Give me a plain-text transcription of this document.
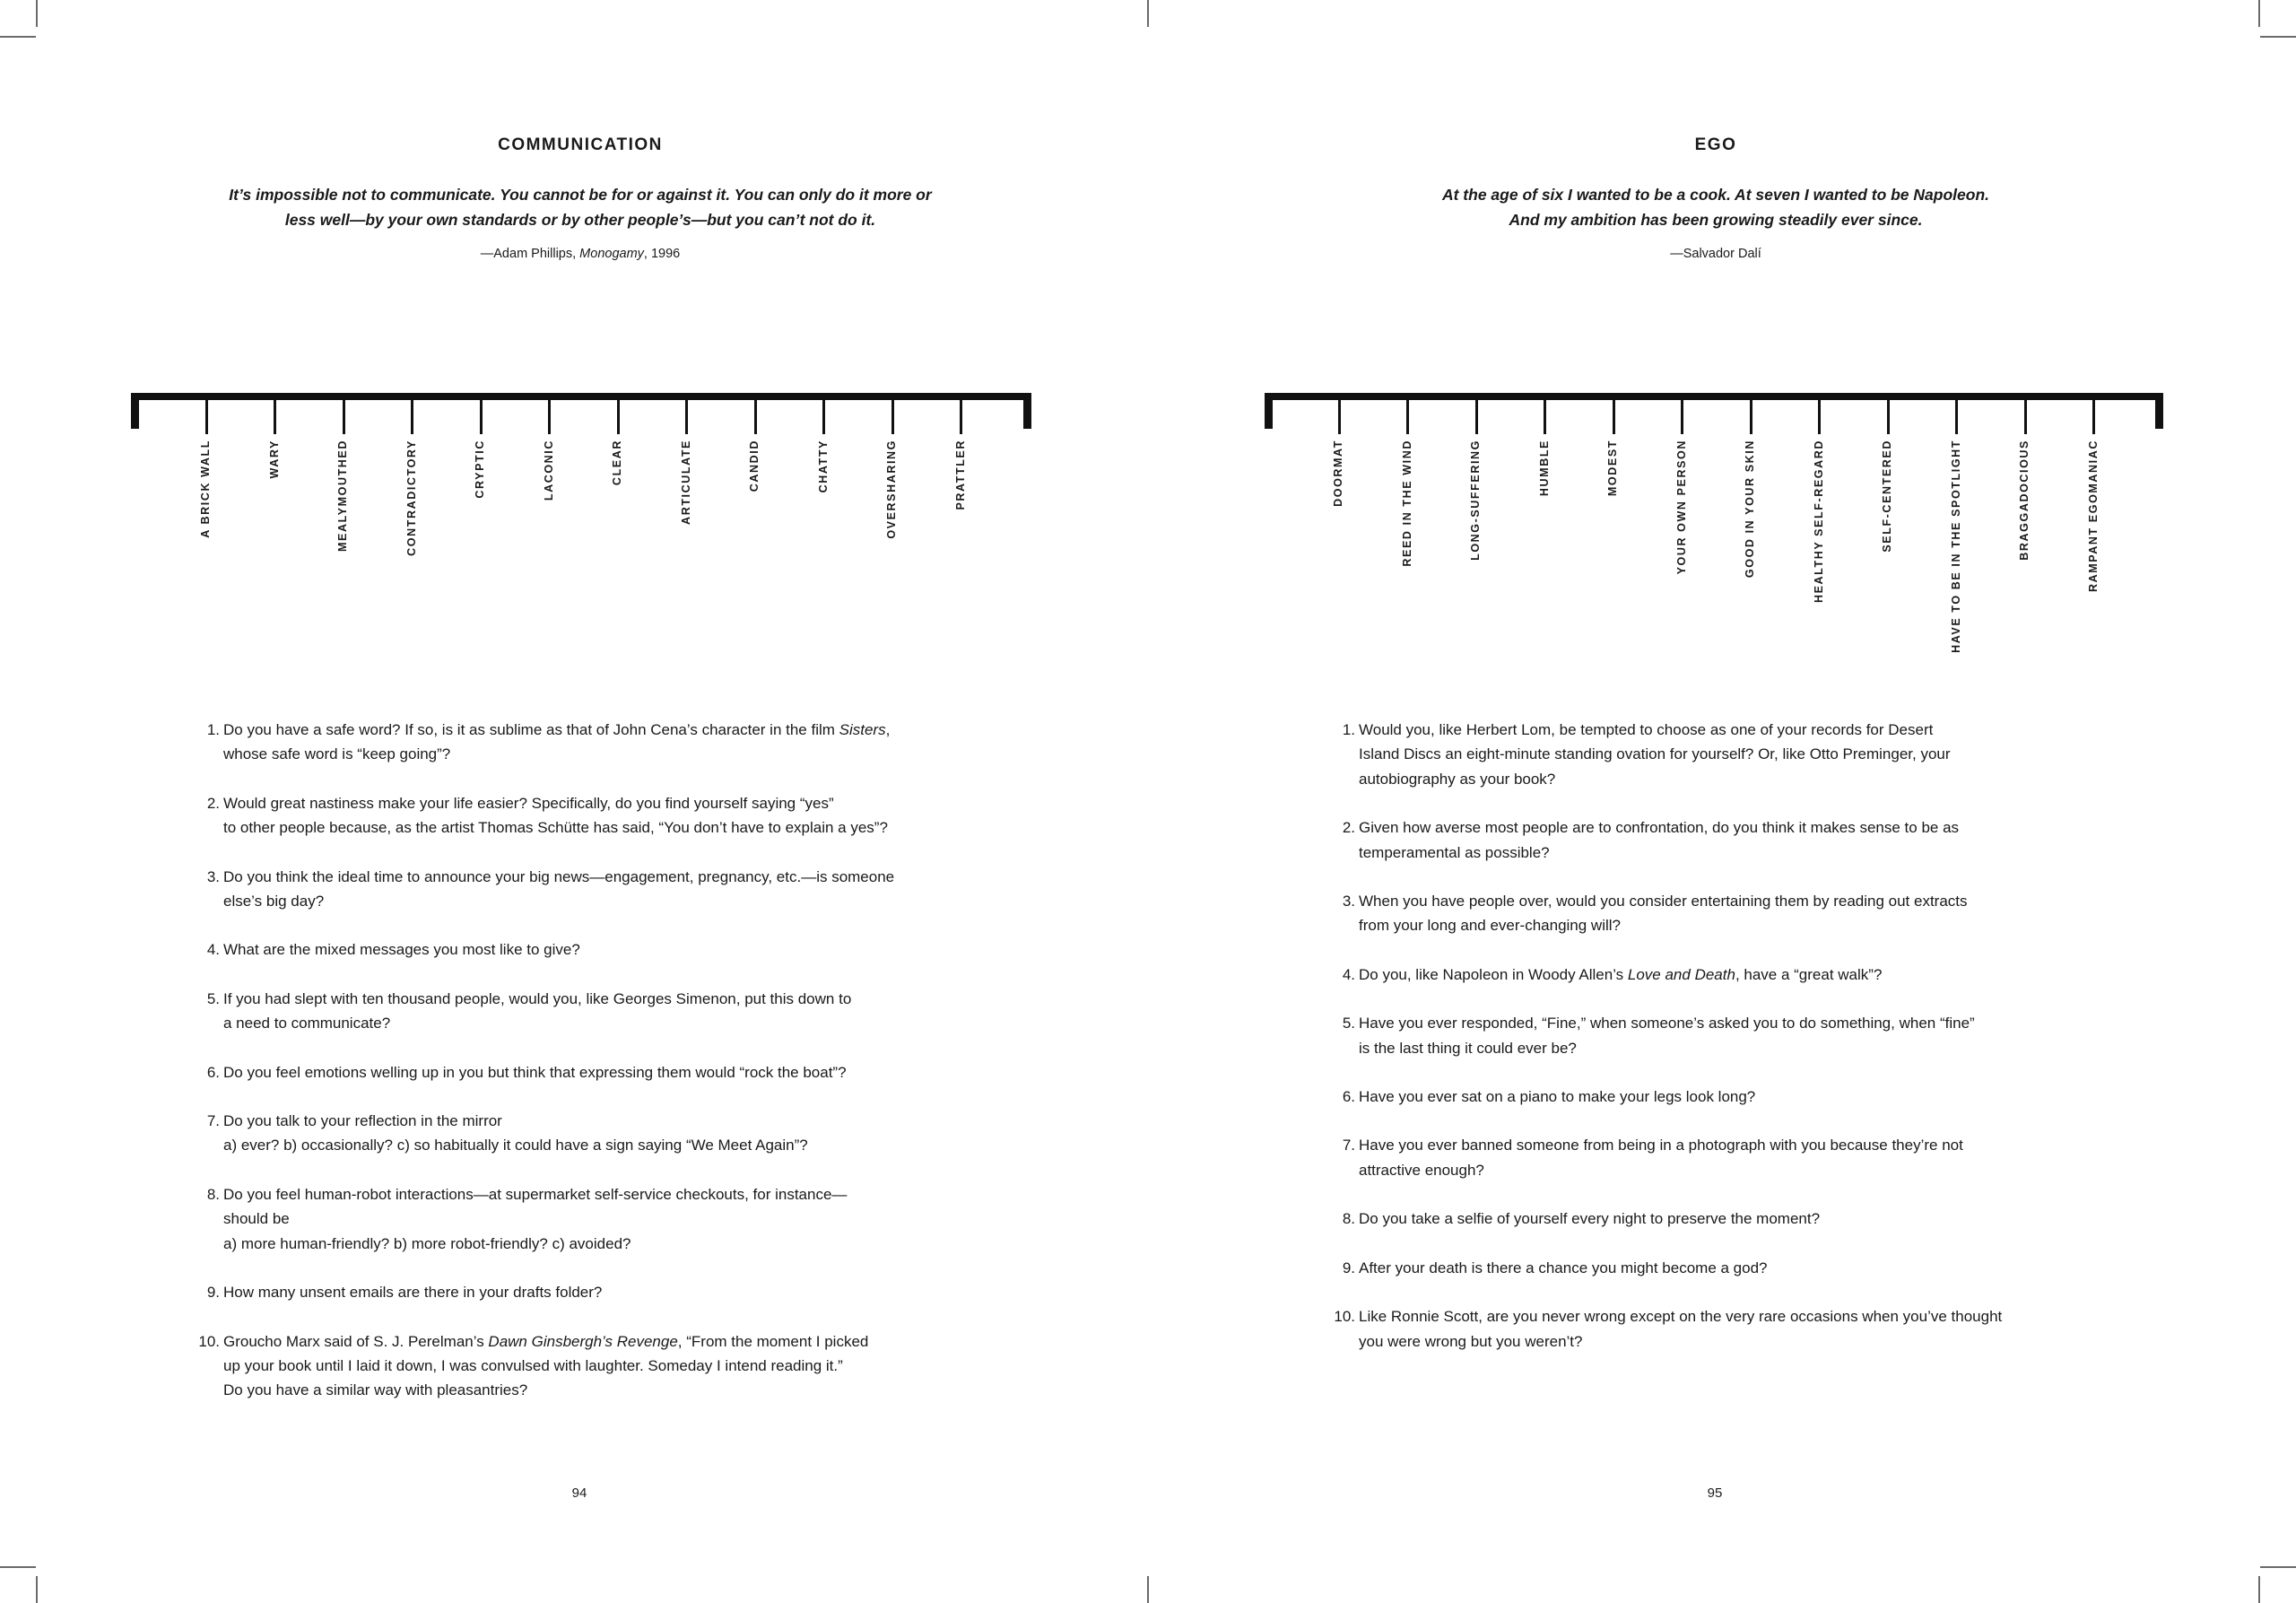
COMMUNICATION
It’s impossible not to communicate. You cannot be for or against it. You can only do it more or
less well—by your own standards or by other people’s—but you can’t not do it.
—Adam Phillips, Monogamy, 1996
A BRICK WALL	WARY	MEALYMOUTHED	CONTRADICTORY	CRYPTIC	LACONIC	CLEAR	ARTICULATE	CANDID	CHATTY	OVERSHARING	PRATTLER
1. Do you have a safe word? If so, is it as sublime as that of John Cena’s character in the film Sisters,
whose safe word is “keep going”?
2. Would great nastiness make your life easier? Specifically, do you find yourself saying “yes”
to other people because, as the artist Thomas Schütte has said, “You don’t have to explain a yes”?
3. Do you think the ideal time to announce your big news—engagement, pregnancy, etc.—is someone
else’s big day?
4. What are the mixed messages you most like to give?
5. If you had slept with ten thousand people, would you, like Georges Simenon, put this down to
a need to communicate?
6. Do you feel emotions welling up in you but think that expressing them would “rock the boat”?
7. Do you talk to your reflection in the mirror
a) ever? b) occasionally? c) so habitually it could have a sign saying “We Meet Again”?
8. Do you feel human-robot interactions—at supermarket self-service checkouts, for instance—
should be
a) more human-friendly? b) more robot-friendly? c) avoided?
9. How many unsent emails are there in your drafts folder?
10. Groucho Marx said of S. J. Perelman’s Dawn Ginsbergh’s Revenge, “From the moment I picked
up your book until I laid it down, I was convulsed with laughter. Someday I intend reading it.”
Do you have a similar way with pleasantries?
94
EGO
At the age of six I wanted to be a cook. At seven I wanted to be Napoleon.
And my ambition has been growing steadily ever since.
—Salvador Dalí
DOORMAT	REED IN THE WIND	LONG-SUFFERING	HUMBLE	MODEST	YOUR OWN PERSON	GOOD IN YOUR SKIN	HEALTHY SELF-REGARD	SELF-CENTERED	HAVE TO BE IN THE SPOTLIGHT	BRAGGADOCIOUS	RAMPANT EGOMANIAC
1. Would you, like Herbert Lom, be tempted to choose as one of your records for Desert
Island Discs an eight-minute standing ovation for yourself? Or, like Otto Preminger, your
autobiography as your book?
2. Given how averse most people are to confrontation, do you think it makes sense to be as
temperamental as possible?
3. When you have people over, would you consider entertaining them by reading out extracts
from your long and ever-changing will?
4. Do you, like Napoleon in Woody Allen’s Love and Death, have a “great walk”?
5. Have you ever responded, “Fine,” when someone’s asked you to do something, when “fine”
is the last thing it could ever be?
6. Have you ever sat on a piano to make your legs look long?
7. Have you ever banned someone from being in a photograph with you because they’re not
attractive enough?
8. Do you take a selfie of yourself every night to preserve the moment?
9. After your death is there a chance you might become a god?
10. Like Ronnie Scott, are you never wrong except on the very rare occasions when you’ve thought
you were wrong but you weren’t?
95
